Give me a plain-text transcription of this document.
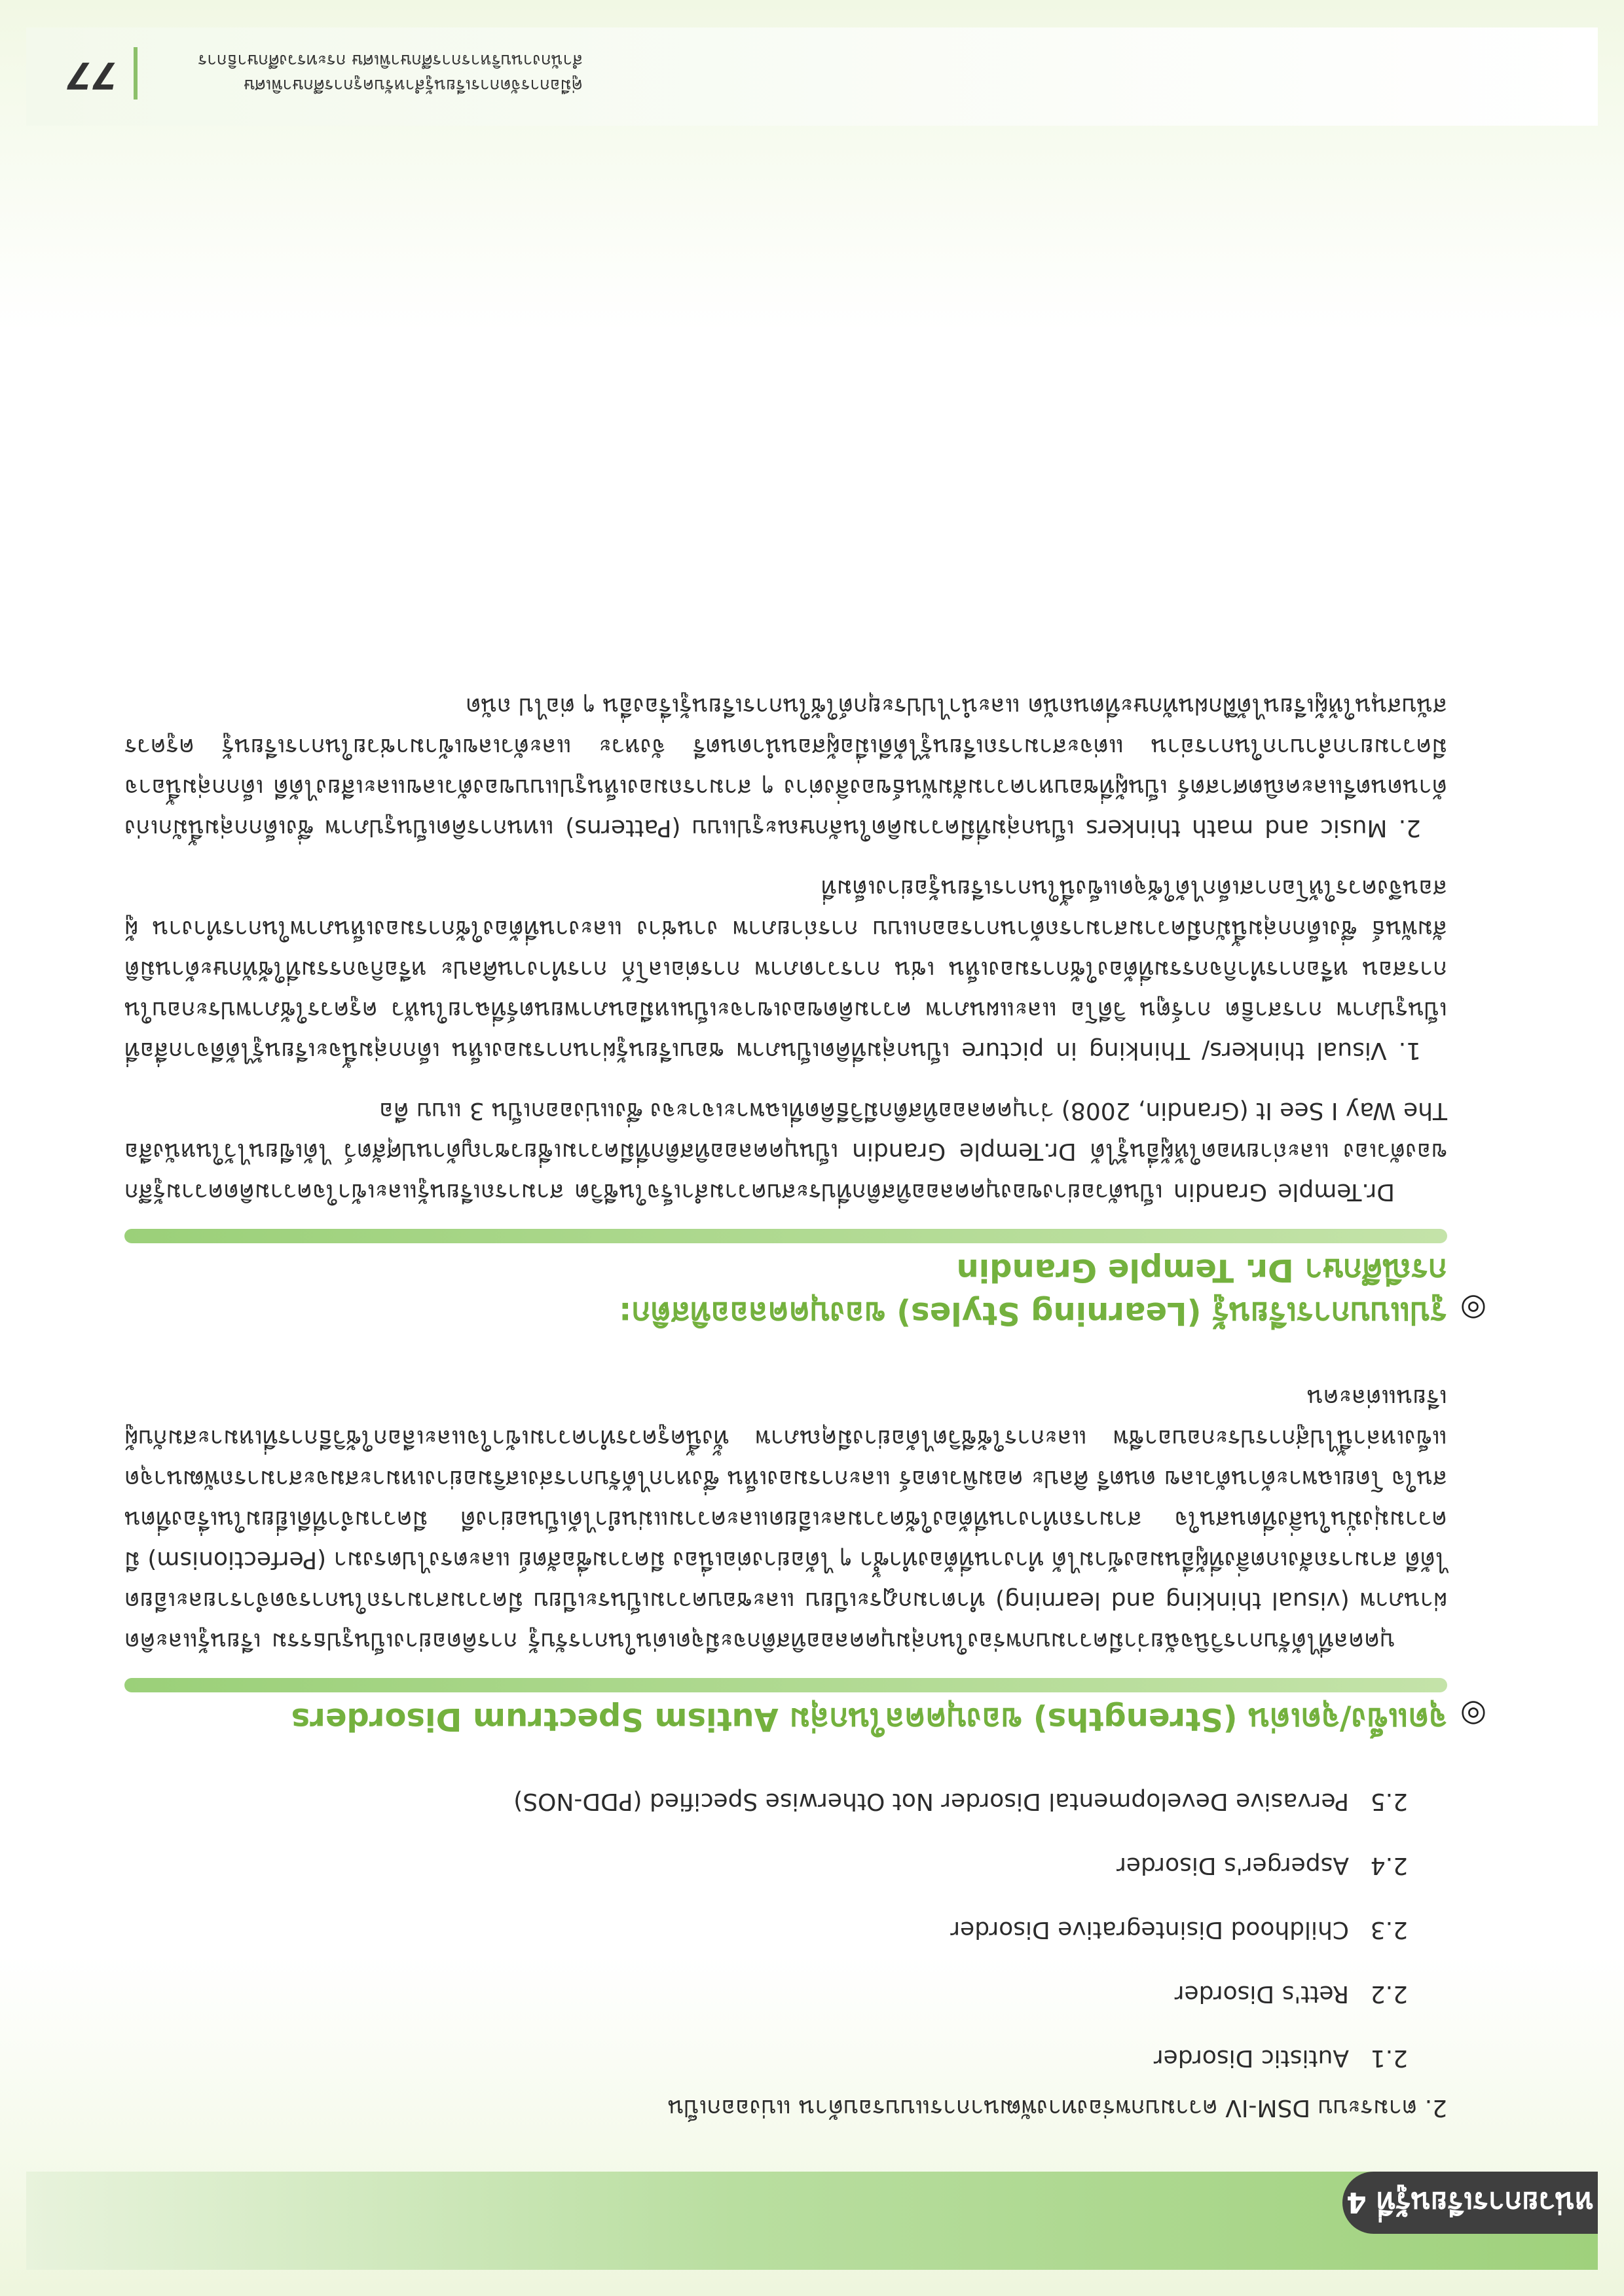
หน่วยการเรียนรู้ที่ 4

2. ตามระบบ DSM-IV ความบกพร่องทางพัฒนาการแบบรอบด้าน แบ่งออกเป็น

2.1Autistic Disorder

2.2Rett's Disorder

2.3Childhood Disintegrative Disorder

2.4Asperger's Disorder

2.5Pervasive Developmental Disorder Not Otherwise Specified (PDD-NOS)

◎
จุดแข็ง/จุดเด่น (Strengths) ของบุคคลในกลุ่ม Autism Spectrum Disorders

บุคคลที่ได้รับการวินิจฉัยว่ามีความบกพร่องในกลุ่มบุคคลออทิสติกจะมีจุดเด่นในการรับรู้ การคิดอย่างเป็นรูปธรรม เรียนรู้และคิดผ่านภาพ (visual thinking and learning) ทำตามกฎระเบียบ และชอบความเป็นระเบียบ มีความสามารถในการจดจำรายละเอียดได้ดี สามารถสังเกตสิ่งที่ผู้อื่นมองข้ามได้ ทำงานที่ต้องทำซ้ำ ๆ ได้อย่างต่อเนื่อง มีความซื่อสัตย์ และตรงไปตรงมา (Perfectionism) มีความมุ่งมั่นในสิ่งที่ตนสนใจ สามารถทำงานที่ต้องใช้ความละเอียดและความแม่นยำได้เป็นอย่างดี มีความจำที่ดีเยี่ยมในเรื่องที่ตนสนใจ โดยเฉพาะด้านตัวเลข ดนตรี ศิลปะ คอมพิวเตอร์ และการมองเห็น ซึ่งหากได้รับการส่งเสริมอย่างเหมาะสมจะสามารถพัฒนาจุดแข็งเหล่านี้ไปสู่การประกอบอาชีพ และการใช้ชีวิตได้อย่างมีคุณภาพ ทั้งนี้ครูควรทำความเข้าใจและเลือกใช้วิธีการที่เหมาะสมกับผู้เรียนแต่ละคน

◎
รูปแบบการเรียนรู้ (Learning Styles) ของบุคคลออทิสติก:
กรณีศึกษา Dr. Temple Grandin

Dr.Temple Grandin เป็นตัวอย่างของบุคคลออทิสติกที่ประสบความสำเร็จในชีวิต สามารถเรียนรู้และเข้าใจความคิดความรู้สึกของตัวเอง และถ่ายทอดให้ผู้อื่นรู้ได้ Dr.Temple Grandin เป็นบุคคลออทิสติกที่มีความเชี่ยวชาญด้านปศุสัตว์ ได้เขียนไว้ในหนังสือ The Way I See It (Grandin, 2008) ว่าบุคคลออทิสติกมีวิธีคิดที่เฉพาะเจาะจง ซึ่งแบ่งออกเป็น 3 แบบ คือ

1. Visual thinkers/ Thinking in picture เป็นกลุ่มที่คิดเป็นภาพ ชอบเรียนรู้ผ่านการมองเห็น เด็กกลุ่มนี้จะเรียนรู้ได้ดีจากสื่อที่เป็นรูปภาพ การสาธิต การ์ตูน วิดีโอ และแผนภาพ ความคิดของเขาจะเป็นเหมือนภาพยนตร์ที่ฉายในหัว ครูควรใช้ภาพประกอบในการสอน หรือการทำกิจกรรมที่ต้องใช้การมองเห็น เช่น การวาดภาพ การต่อเลโก้ การทำงานศิลปะ หรือกิจกรรมที่ใช้ทักษะด้านมิติสัมพันธ์ ซึ่งเด็กกลุ่มนี้มักมีความสามารถด้านการออกแบบ การถ่ายภาพ งานช่าง และงานที่ต้องใช้การมองเห็นภาพในการทำงาน ผู้สอนจึงควรให้โอกาสเด็กได้ใช้จุดแข็งนี้ในการเรียนรู้อย่างเต็มที่

2. Music and math thinkers เป็นกลุ่มที่มีความคิดในลักษณะรูปแบบ (Patterns) แทนการคิดเป็นรูปภาพ ซึ่งเด็กกลุ่มนี้มักเก่งด้านดนตรีและคณิตศาสตร์ เป็นผู้ที่ชอบหาความสัมพันธ์ของสิ่งต่าง ๆ สามารถมองเห็นรูปแบบของตัวเลขและเสียงได้ดี เด็กกลุ่มนี้อาจมีความยากลำบากในการอ่าน แต่จะสามารถเรียนรู้ได้ดีเมื่อผู้สอนนำดนตรี จังหวะ และตัวเลขเข้ามาช่วยในการเรียนรู้ ครูควรสนับสนุนให้ผู้เรียนได้ฝึกฝนทักษะที่ตนถนัด และนำไปประยุกต์ใช้ในการเรียนรู้เรื่องอื่น ๆ ต่อไป ถนัด

คู่มือการจัดการเรียนรู้สำหรับครูการศึกษาพิเศษ
สำนักงานบริหารการศึกษาพิเศษ กระทรวงศึกษาธิการ
77
